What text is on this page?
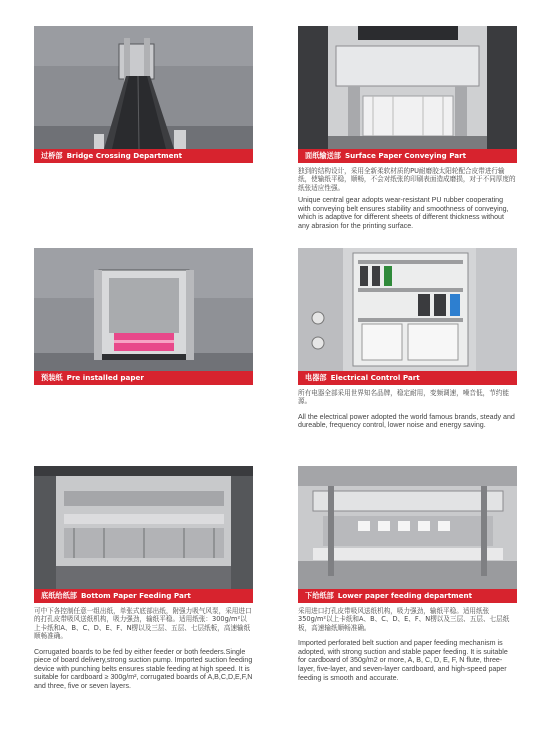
过桥部 Bridge Crossing Department	面纸输送部 Surface Paper Conveying Part

独到的结构设计，采用全新柔软材质的PU耐磨胶太阳轮配合皮带进行输纸，使输纸平稳，顺畅，不会对纸张的印刷表面造成磨损，对于不同厚度的纸张适应性强。

Unique central gear adopts wear-resistant PU rubber cooperating with conveying belt ensures stability and smoothness of conveying, which is adaptive for different sheets of different thickness without any abrasion for the printing surface.

预装纸 Pre installed paper	电器部 Electrical Control Part

所有电器全部采用世界知名品牌，稳定耐用，变频调速，噪音低，节约能源。

All the electrical power adopted the world famous brands, steady and dureable, frequency control, lower noise and energy saving.

底纸给纸部 Bottom Paper Feeding Part

可中下各控制任意一组出纸，单张式底部出纸，附强力吸气风泵，采用进口的打孔皮带吸风送纸机构，吸力强劲，输纸平稳。适用纸张：300g/m²以上卡纸和A、B、C、D、E、F、N楞以及三层、五层、七层纸板，高速输纸顺畅准确。

Corrugated boards to be fed by either feeder or both feeders.Single piece of board delivery,strong suction pump. Imported suction feeding device with punching belts ensures stable feeding at high speed. It is suitable for cardboard ≥ 300g/m², corrugated boards of A,B,C,D,E,F,N and three, five or seven layers.

下给纸部 Lower paper feeding department

采用进口打孔皮带吸风送纸机构，吸力强劲，输纸平稳。适用纸张350g/m²以上卡纸和A、B、C、D、E、F、N楞以及三层、五层、七层纸板，高速输纸顺畅准确。

Imported perforated belt suction and paper feeding mechanism is adopted, with strong suction and stable paper feeding. It is suitable for cardboard of 350g/m2 or more, A, B, C, D, E, F, N flute, three-layer, five-layer, and seven-layer cardboard, and high-speed paper feeding is smooth and accurate.
